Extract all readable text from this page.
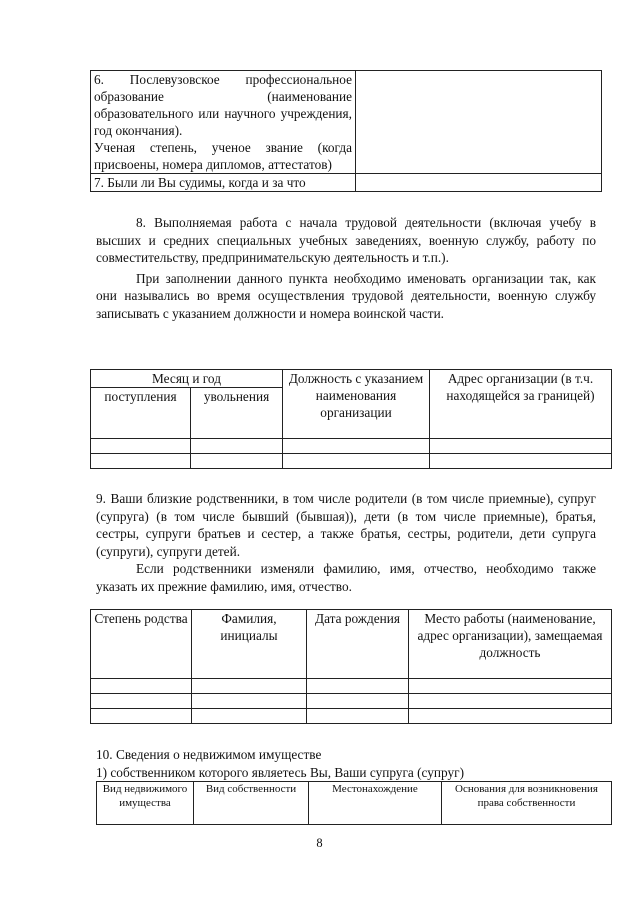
6. Послевузовское профессиональное образование (наименование образовательного или научного учреждения, год окончания).
Ученая степень, ученое звание (когда присвоены, номера дипломов, аттестатов)	

7. Были ли Вы судимы, когда и за что	
8. Выполняемая работа с начала трудовой деятельности (включая учебу в высших и средних специальных учебных заведениях, военную службу, работу по совместительству, предпринимательскую деятельность и т.п.).
При заполнении данного пункта необходимо именовать организации так, как они назывались во время осуществления трудовой деятельности, военную службу записывать с указанием должности и номера воинской части.
Месяц и год		Должность с указанием наименования организации	Адрес организации (в т.ч. находящейся за границей)
поступления	увольнения		

9. Ваши близкие родственники, в том числе родители (в том числе приемные), супруг (супруга) (в том числе бывший (бывшая)), дети (в том числе приемные), братья, сестры, супруги братьев и сестер, а также братья, сестры, родители, дети супруга (супруги), супруги детей.
Если родственники изменяли фамилию, имя, отчество, необходимо также указать их прежние фамилию, имя, отчество.
Степень родства	Фамилия, инициалы	Дата рождения	Место работы (наименование, адрес организации), замещаемая должность

10. Сведения о недвижимом имуществе
1) собственником которого являетесь Вы, Ваши супруга (супруг)
Вид недвижимого имущества	Вид собственности	Местонахождение	Основания для возникновения права собственности
8
